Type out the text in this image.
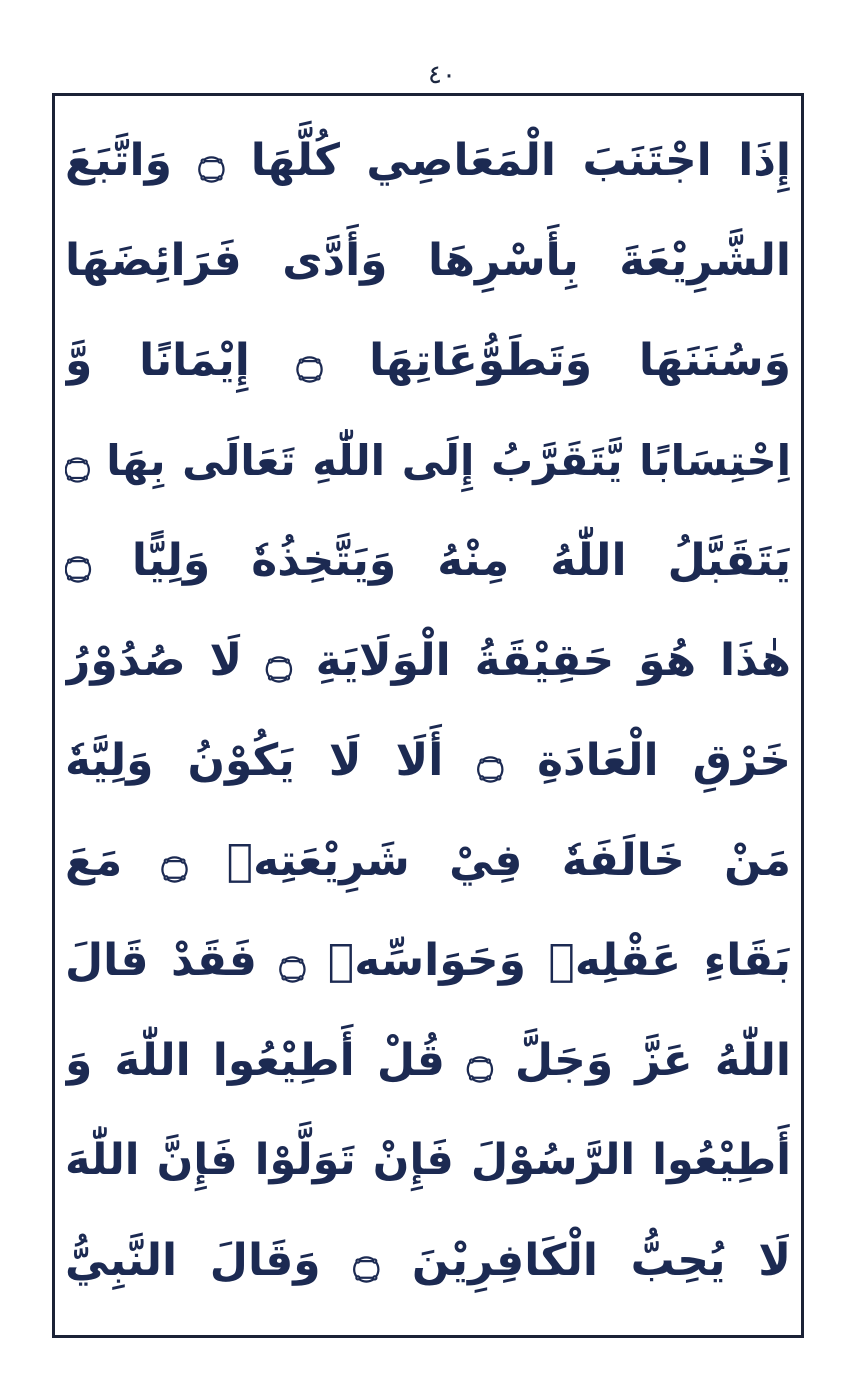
٤٠
إِذَا اجْتَنَبَ الْمَعَاصِي كُلَّهَا ۝ وَاتَّبَعَ
الشَّرِيْعَةَ بِأَسْرِهَا وَأَدَّى فَرَائِضَهَا
وَسُنَنَهَا وَتَطَوُّعَاتِهَا ۝ إِيْمَانًا وَّ
اِحْتِسَابًا يَّتَقَرَّبُ إِلَى اللّٰهِ تَعَالَى بِهَا ۝
يَتَقَبَّلُ اللّٰهُ مِنْهُ وَيَتَّخِذُهٗ وَلِيًّا ۝
هٰذَا هُوَ حَقِيْقَةُ الْوَلَايَةِ ۝ لَا صُدُوْرُ
خَرْقِ الْعَادَةِ ۝ أَلَا لَا يَكُوْنُ وَلِيَّهٗ
مَنْ خَالَفَهٗ فِيْ شَرِيْعَتِهٖ ۝ مَعَ
بَقَاءِ عَقْلِهٖ وَحَوَاسِّهٖ ۝ فَقَدْ قَالَ
اللّٰهُ عَزَّ وَجَلَّ ۝ قُلْ أَطِيْعُوا اللّٰهَ وَ
أَطِيْعُوا الرَّسُوْلَ فَإِنْ تَوَلَّوْا فَإِنَّ اللّٰهَ
لَا يُحِبُّ الْكَافِرِيْنَ ۝ وَقَالَ النَّبِيُّ
